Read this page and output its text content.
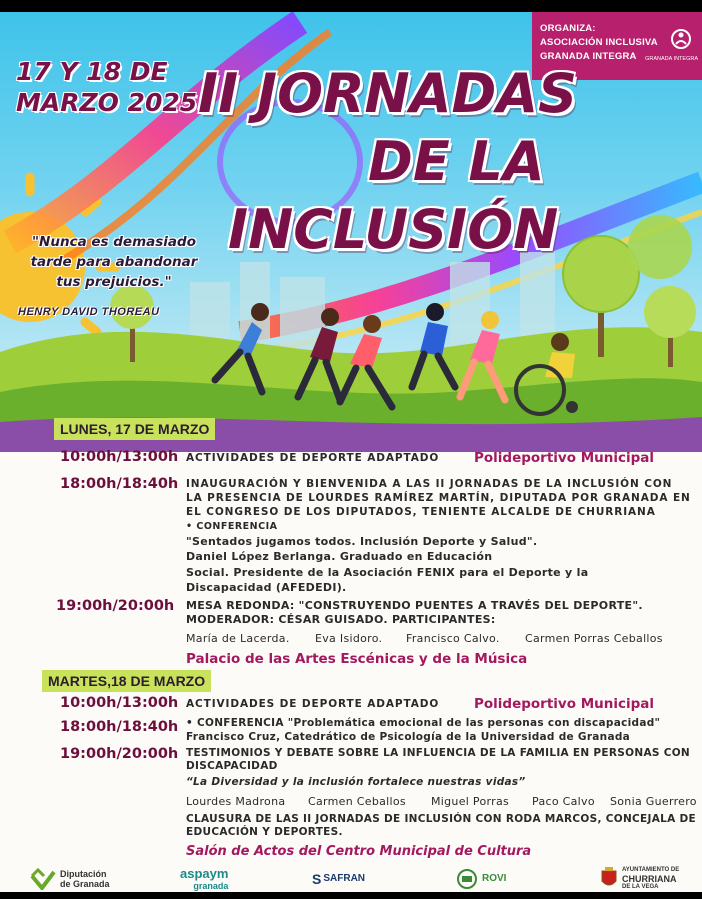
ORGANIZA:
ASOCIACIÓN INCLUSIVA
GRANADA INTEGRA	GRANADA INTEGRA
17 Y 18 DE
MARZO 2025 II JORNADAS
DE LA
INCLUSIÓN
"Nunca es demasiado
tarde para abandonar
tus prejuicios."
HENRY DAVID THOREAU
LUNES, 17 DE MARZO
10:00h/13:00h ACTIVIDADES DE DEPORTE ADAPTADO	Polideportivo Municipal
18:00h/18:40h INAUGURACIÓN Y BIENVENIDA A LAS II JORNADAS DE LA INCLUSIÓN CON
LA PRESENCIA DE LOURDES RAMÍREZ MARTÍN, DIPUTADA POR GRANADA EN
EL CONGRESO DE LOS DIPUTADOS, TENIENTE ALCALDE DE CHURRIANA
• CONFERENCIA
"Sentados jugamos todos. Inclusión Deporte y Salud".
Daniel López Berlanga. Graduado en Educación
Social. Presidente de la Asociación FENIX para el Deporte y la
Discapacidad (AFEDEDI).
19:00h/20:00h MESA REDONDA: "CONSTRUYENDO PUENTES A TRAVÉS DEL DEPORTE".
MODERADOR: CÉSAR GUISADO. PARTICIPANTES:
María de Lacerda. Eva Isidoro. Francisco Calvo. Carmen Porras Ceballos
Palacio de las Artes Escénicas y de la Música
MARTES,18 DE MARZO
10:00h/13:00h ACTIVIDADES DE DEPORTE ADAPTADO	Polideportivo Municipal
18:00h/18:40h • CONFERENCIA "Problemática emocional de las personas con discapacidad"
Francisco Cruz, Catedrático de Psicología de la Universidad de Granada
19:00h/20:00h TESTIMONIOS Y DEBATE SOBRE LA INFLUENCIA DE LA FAMILIA EN PERSONAS CON
DISCAPACIDAD
“La Diversidad y la inclusión fortalece nuestras vidas”
Lourdes Madrona Carmen Ceballos Miguel Porras Paco Calvo Sonia Guerrero
CLAUSURA DE LAS II JORNADAS DE INCLUSIÓN CON RODA MARCOS, CONCEJALA DE
EDUCACIÓN Y DEPORTES.
Salón de Actos del Centro Municipal de Cultura
Diputación
de Granada
aspaym
granada	S SAFRAN	ROVI
AYUNTAMIENTO DE
CHURRIANA
DE LA VEGA
